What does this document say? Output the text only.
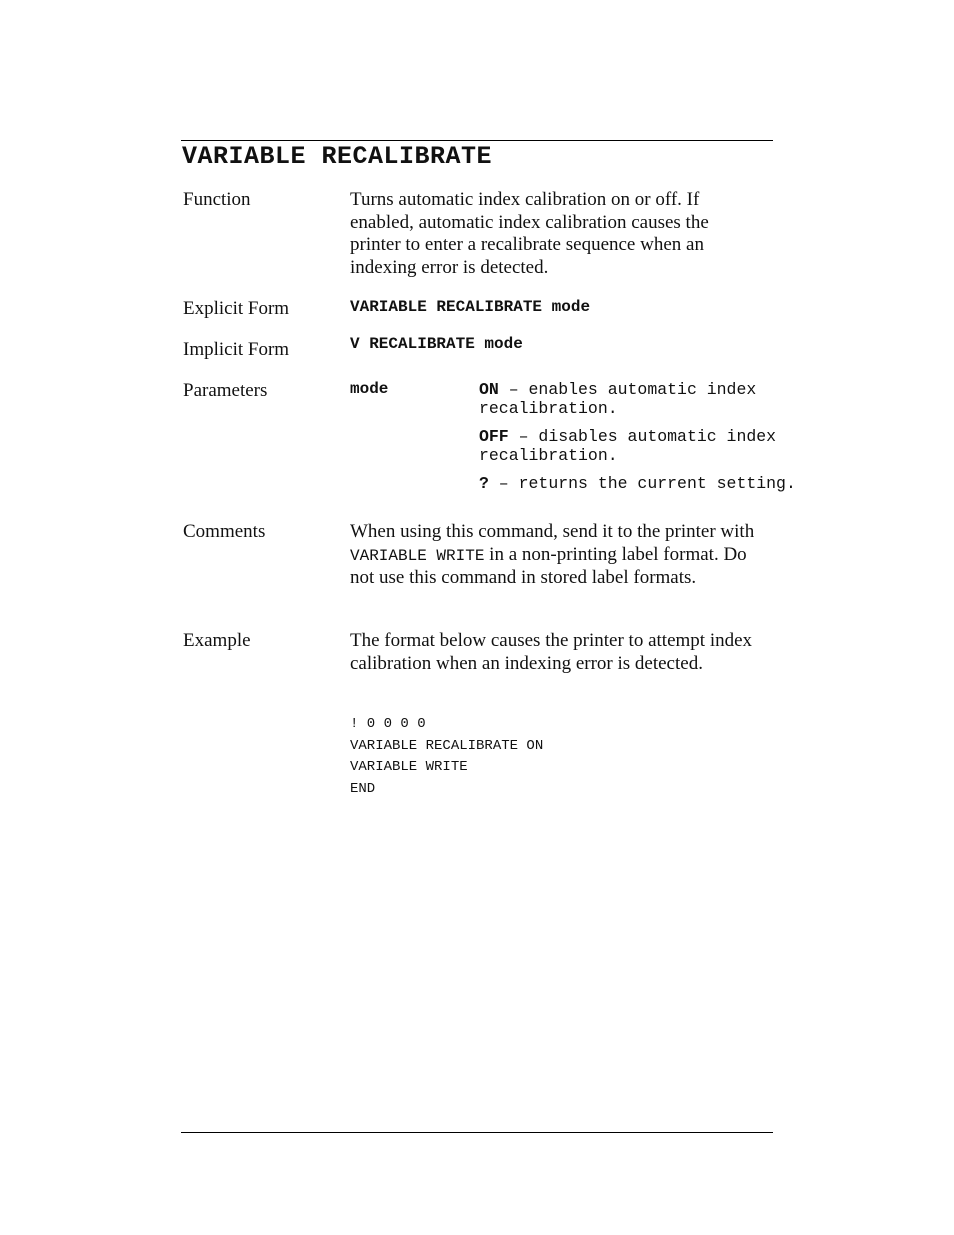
VARIABLE RECALIBRATE
Function	Turns automatic index calibration on or off. If enabled, automatic index calibration causes the printer to enter a recalibrate sequence when an indexing error is detected.
Explicit Form	VARIABLE RECALIBRATE mode
Implicit Form	V RECALIBRATE mode
Parameters	mode	ON – enables automatic index recalibration.
OFF – disables automatic index recalibration.
? – returns the current setting.
Comments	When using this command, send it to the printer with VARIABLE WRITE in a non-printing label format. Do not use this command in stored label formats.
Example	The format below causes the printer to attempt index calibration when an indexing error is detected.
! 0 0 0 0
VARIABLE RECALIBRATE ON
VARIABLE WRITE
END
